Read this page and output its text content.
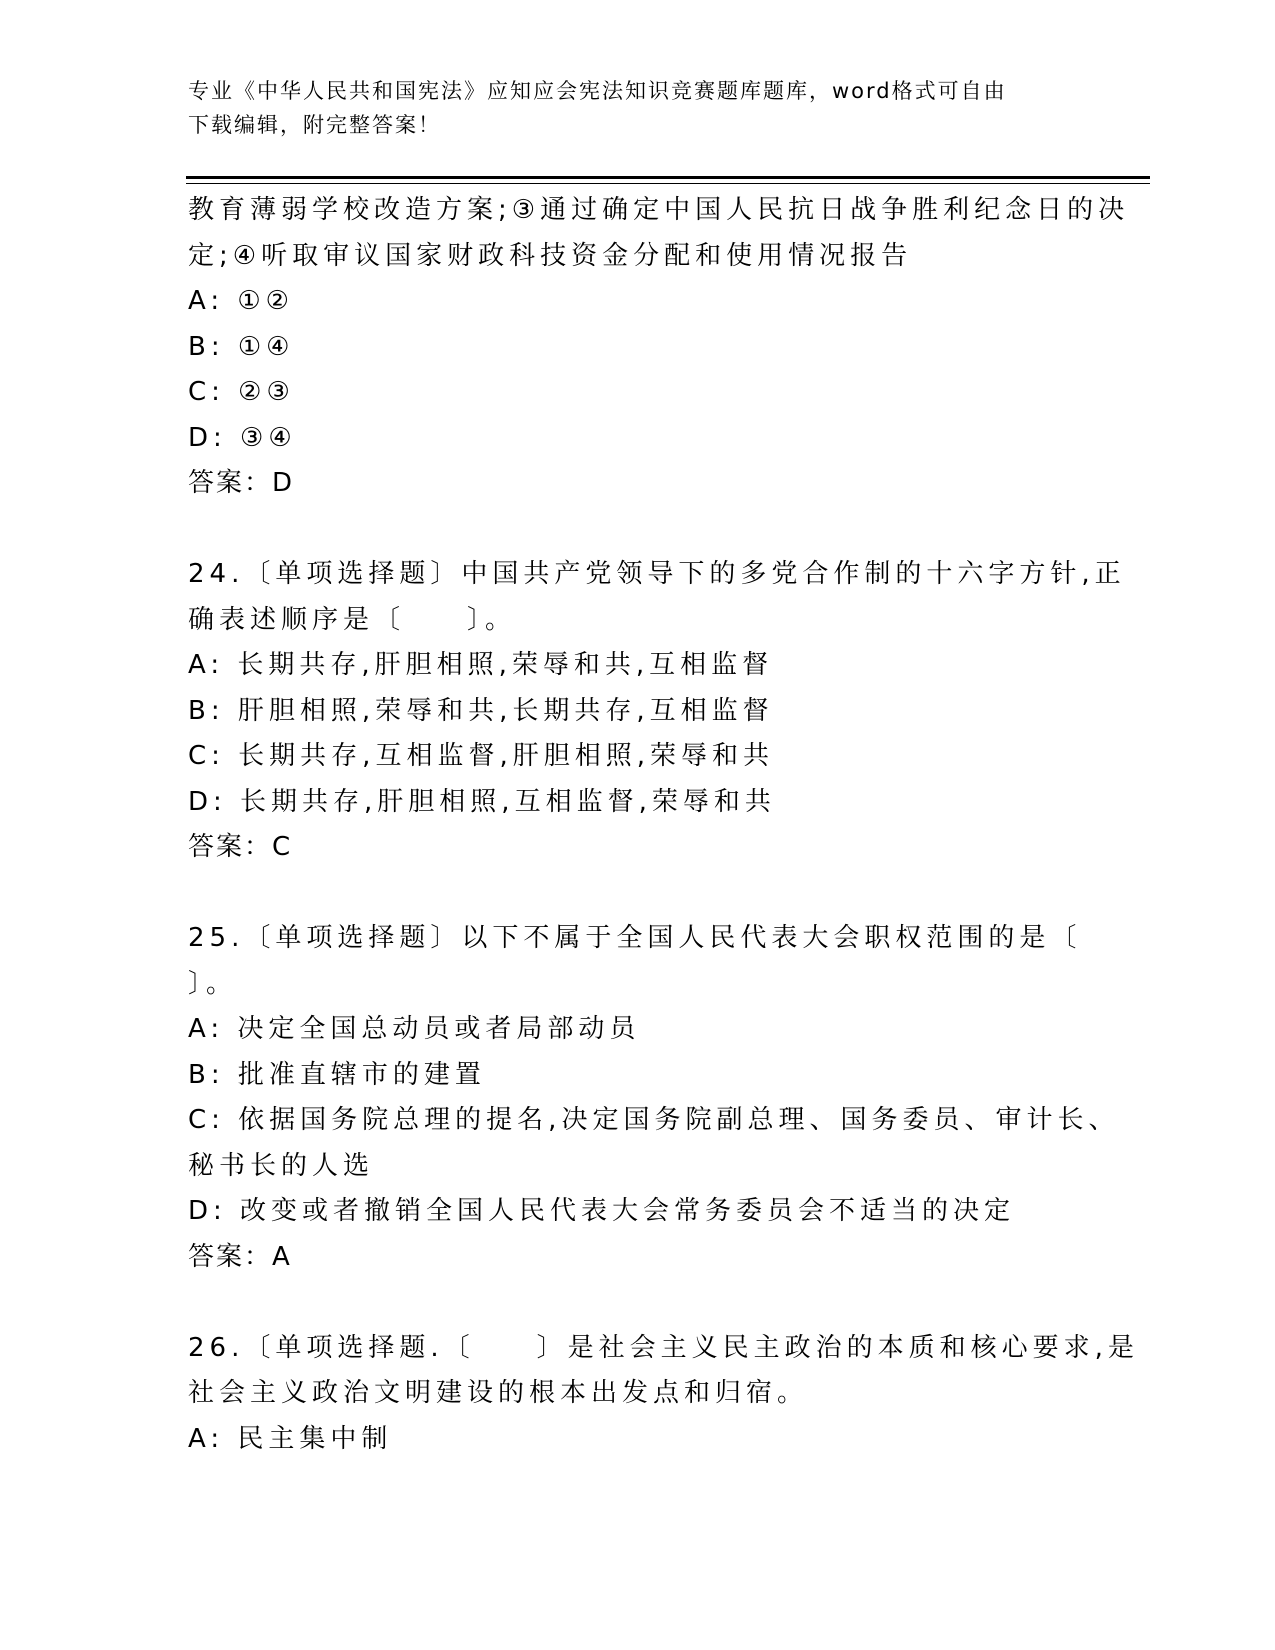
专业《中华人民共和国宪法》应知应会宪法知识竞赛题库题库，word格式可自由
下载编辑，附完整答案！
教育薄弱学校改造方案;③通过确定中国人民抗日战争胜利纪念日的决
定;④听取审议国家财政科技资金分配和使用情况报告
A: ①②
B: ①④
C: ②③
D: ③④
答案：D
24.〔单项选择题〕中国共产党领导下的多党合作制的十六字方针,正
确表述顺序是〔　　〕。
A: 长期共存,肝胆相照,荣辱和共,互相监督
B: 肝胆相照,荣辱和共,长期共存,互相监督
C: 长期共存,互相监督,肝胆相照,荣辱和共
D: 长期共存,肝胆相照,互相监督,荣辱和共
答案：C
25.〔单项选择题〕以下不属于全国人民代表大会职权范围的是〔
〕。
A: 决定全国总动员或者局部动员
B: 批准直辖市的建置
C: 依据国务院总理的提名,决定国务院副总理、国务委员、审计长、
秘书长的人选
D: 改变或者撤销全国人民代表大会常务委员会不适当的决定
答案：A
26.〔单项选择题.〔　　〕是社会主义民主政治的本质和核心要求,是
社会主义政治文明建设的根本出发点和归宿。
A: 民主集中制
